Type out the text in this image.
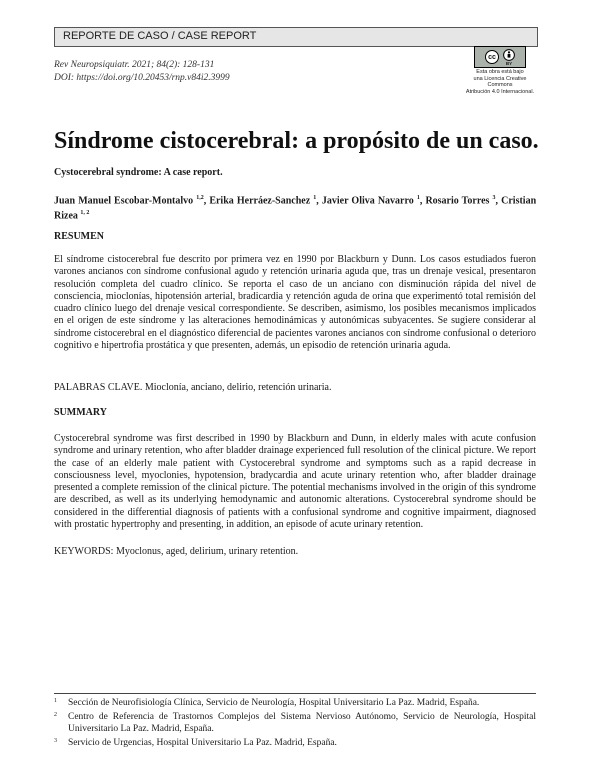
REPORTE DE CASO / CASE REPORT
Rev Neuropsiquiatr. 2021; 84(2): 128-131
DOI: https://doi.org/10.20453/rnp.v84i2.3999
cc
BY
Esta obra está bajo
una Licencia Creative Commons
Atribución 4.0 Internacional.
Síndrome cistocerebral: a propósito de un caso.
Cystocerebral syndrome: A case report.
Juan Manuel Escobar-Montalvo $^{1,2}$, Erika Herráez-Sanchez $^1$, Javier Oliva Navarro $^1$, Rosario Torres $^3$, Cristian Rizea $^{1, 2}$
RESUMEN

El síndrome cistocerebral fue descrito por primera vez en 1990 por Blackburn y Dunn. Los casos estudiados fueron varones ancianos con síndrome confusional agudo y retención urinaria aguda que, tras un drenaje vesical, presentaron resolución completa del cuadro clínico. Se reporta el caso de un anciano con disminución rápida del nivel de consciencia, mioclonías, hipotensión arterial, bradicardia y retención aguda de orina que experimentó total remisión del cuadro clínico luego del drenaje vesical correspondiente. Se describen, asimismo, los posibles mecanismos implicados en el origen de este síndrome y las alteraciones hemodinámicas y autonómicas subyacentes. Se sugiere considerar al síndrome cistocerebral en el diagnóstico diferencial de pacientes varones ancianos con síndrome confusional o deterioro cognitivo e hipertrofia prostática y que presenten, además, un episodio de retención urinaria aguda.

PALABRAS CLAVE. Mioclonía, anciano, delirio, retención urinaria.
SUMMARY

Cystocerebral syndrome was first described in 1990 by Blackburn and Dunn, in elderly males with acute confusion syndrome and urinary retention, who after bladder drainage experienced full resolution of the clinical picture. We report the case of an elderly male patient with Cystocerebral syndrome and symptoms such as a rapid decrease in consciousness level, myoclonies, hypotension, bradycardia and acute urinary retention who, after bladder drainage presented a complete remission of the clinical picture. The potential mechanisms involved in the origin of this syndrome are described, as well as its underlying hemodynamic and autonomic alterations. Cystocerebral syndrome should be considered in the differential diagnosis of patients with a confusional syndrome and cognitive impairment, diagnosed with prostatic hypertrophy and presenting, in addition, an episode of acute urinary retention.

KEYWORDS: Myoclonus, aged, delirium, urinary retention.
1 Sección de Neurofisiología Clínica, Servicio de Neurología, Hospital Universitario La Paz. Madrid, España.
2 Centro de Referencia de Trastornos Complejos del Sistema Nervioso Autónomo, Servicio de Neurología, Hospital Universitario La Paz. Madrid, España.
3 Servicio de Urgencias, Hospital Universitario La Paz. Madrid, España.
